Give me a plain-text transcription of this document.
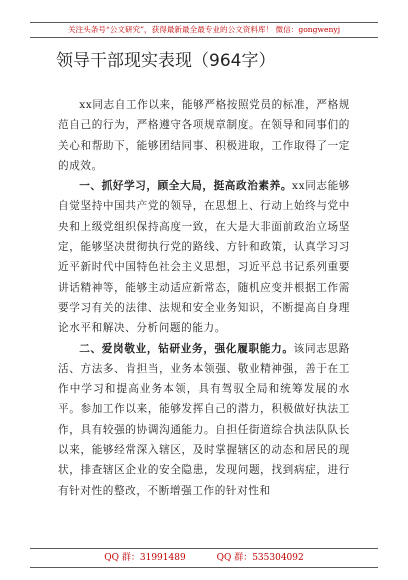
关注头条号“公文研究”，获得最新最全最专业的公文资料库！ 微信：gongwenyj
领导干部现实表现（964字）

xx同志自工作以来，能够严格按照党员的标准，严格规范自己的行为，严格遵守各项规章制度。在领导和同事们的关心和帮助下，能够团结同事、积极进取，工作取得了一定的成效。

一、抓好学习，顾全大局，挺高政治素养。xx同志能够自觉坚持中国共产党的领导，在思想上、行动上始终与党中央和上级党组织保持高度一致，在大是大非面前政治立场坚定，能够坚决贯彻执行党的路线、方针和政策，认真学习习近平新时代中国特色社会主义思想，习近平总书记系列重要讲话精神等，能够主动适应新常态，随机应变并根据工作需要学习有关的法律、法规和安全业务知识，不断提高自身理论水平和解决、分析问题的能力。

二、爱岗敬业，钻研业务，强化履职能力。该同志思路活、方法多、肯担当，业务本领强、敬业精神强，善于在工作中学习和提高业务本领，具有驾驭全局和统筹发展的水平。参加工作以来，能够发挥自己的潜力，积极做好执法工作，具有较强的协调沟通能力。自担任街道综合执法队队长以来，能够经常深入辖区，及时掌握辖区的动态和居民的现状，排查辖区企业的安全隐患，发现问题，找到病症，进行有针对性的整改，不断增强工作的针对性和

QQ 群：31991489	QQ 群：535304092
